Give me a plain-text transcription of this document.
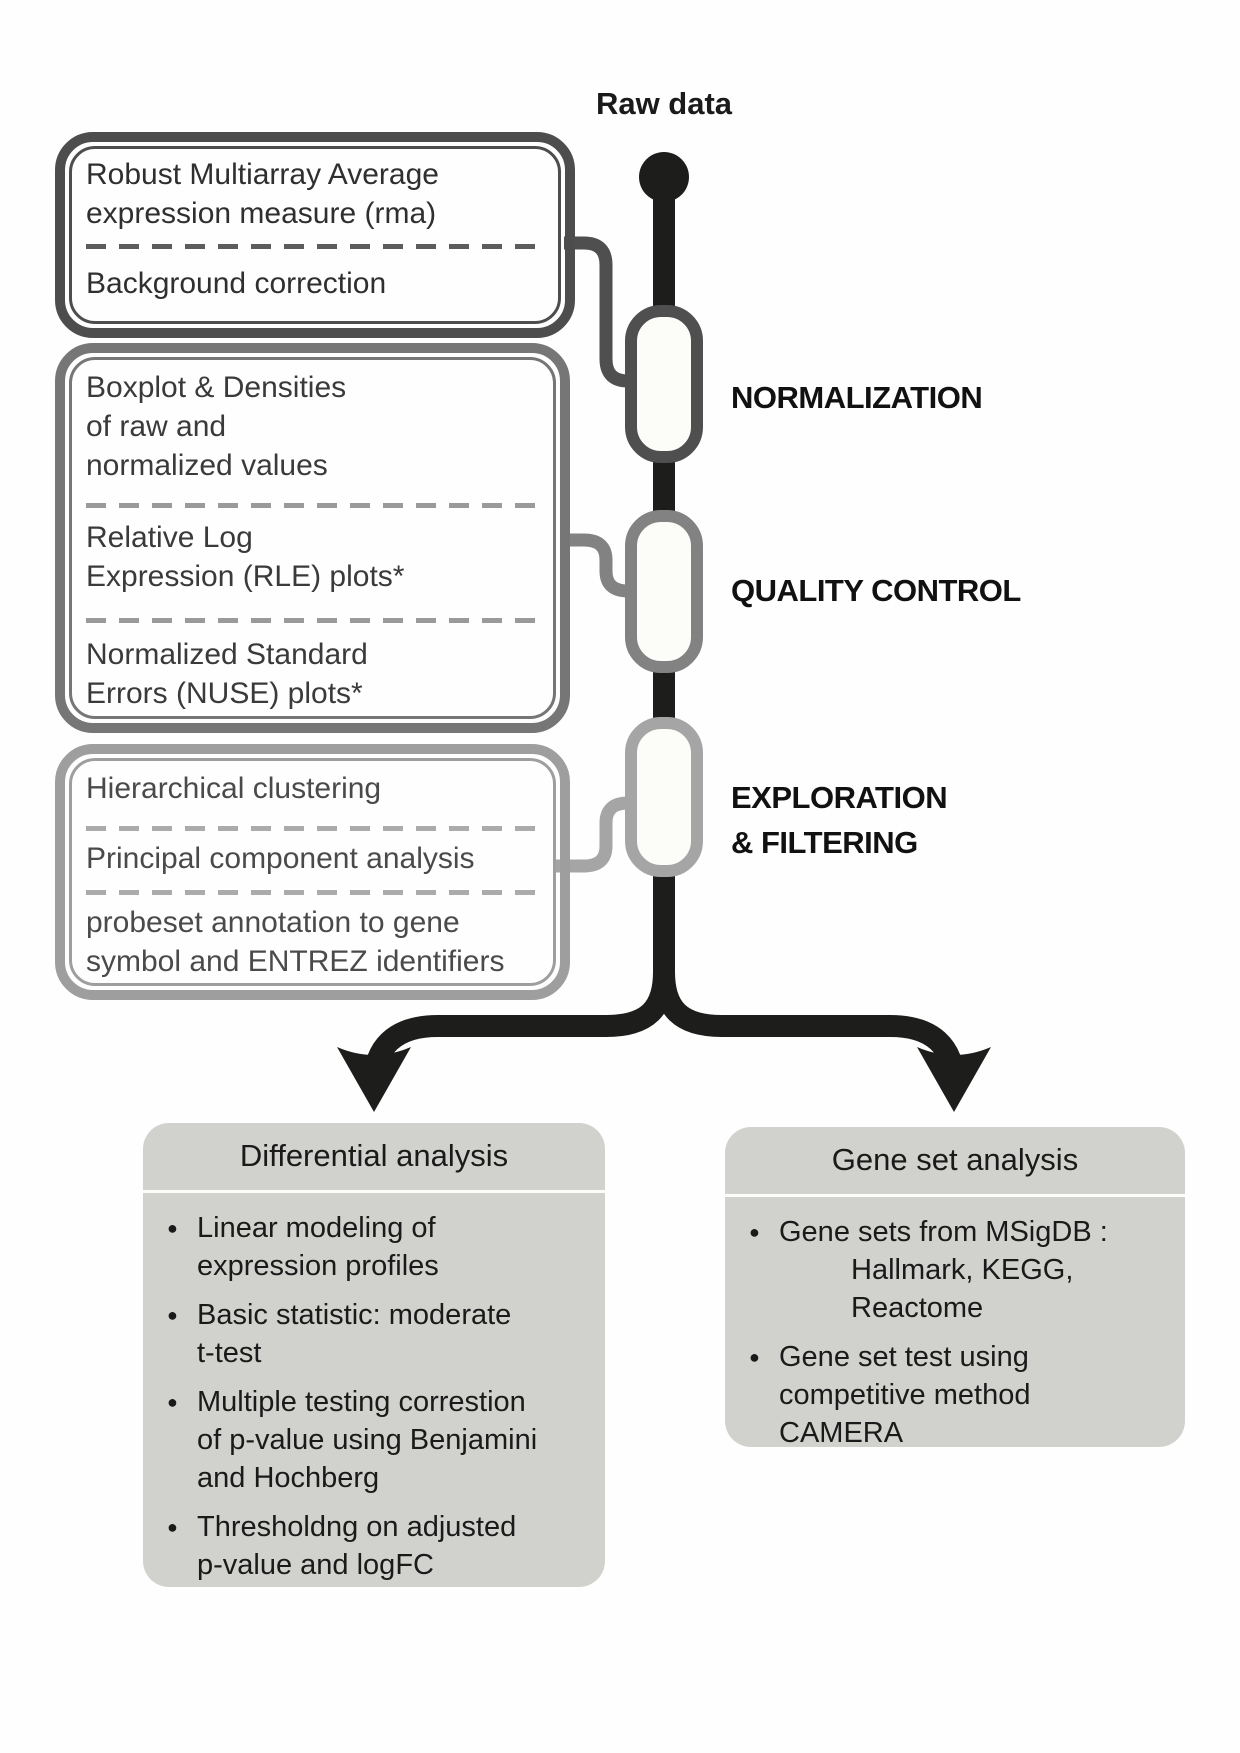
Raw data
NORMALIZATION
QUALITY CONTROL
EXPLORATION
& FILTERING
Robust Multiarray Average
expression measure (rma)
Background correction
Boxplot & Densities
of raw and
normalized values
Relative Log
Expression (RLE) plots*
Normalized Standard
Errors (NUSE) plots*
Hierarchical clustering
Principal component analysis
probeset annotation to gene
symbol and ENTREZ identifiers
Differential analysis
● Linear modeling of
expression profiles
● Basic statistic: moderate
t-test
● Multiple testing correstion
of p-value using Benjamini
and Hochberg
● Thresholdng on adjusted
p-value and logFC
Gene set analysis
● Gene sets from MSigDB :
Hallmark, KEGG,
Reactome
● Gene set test using
competitive method
CAMERA
